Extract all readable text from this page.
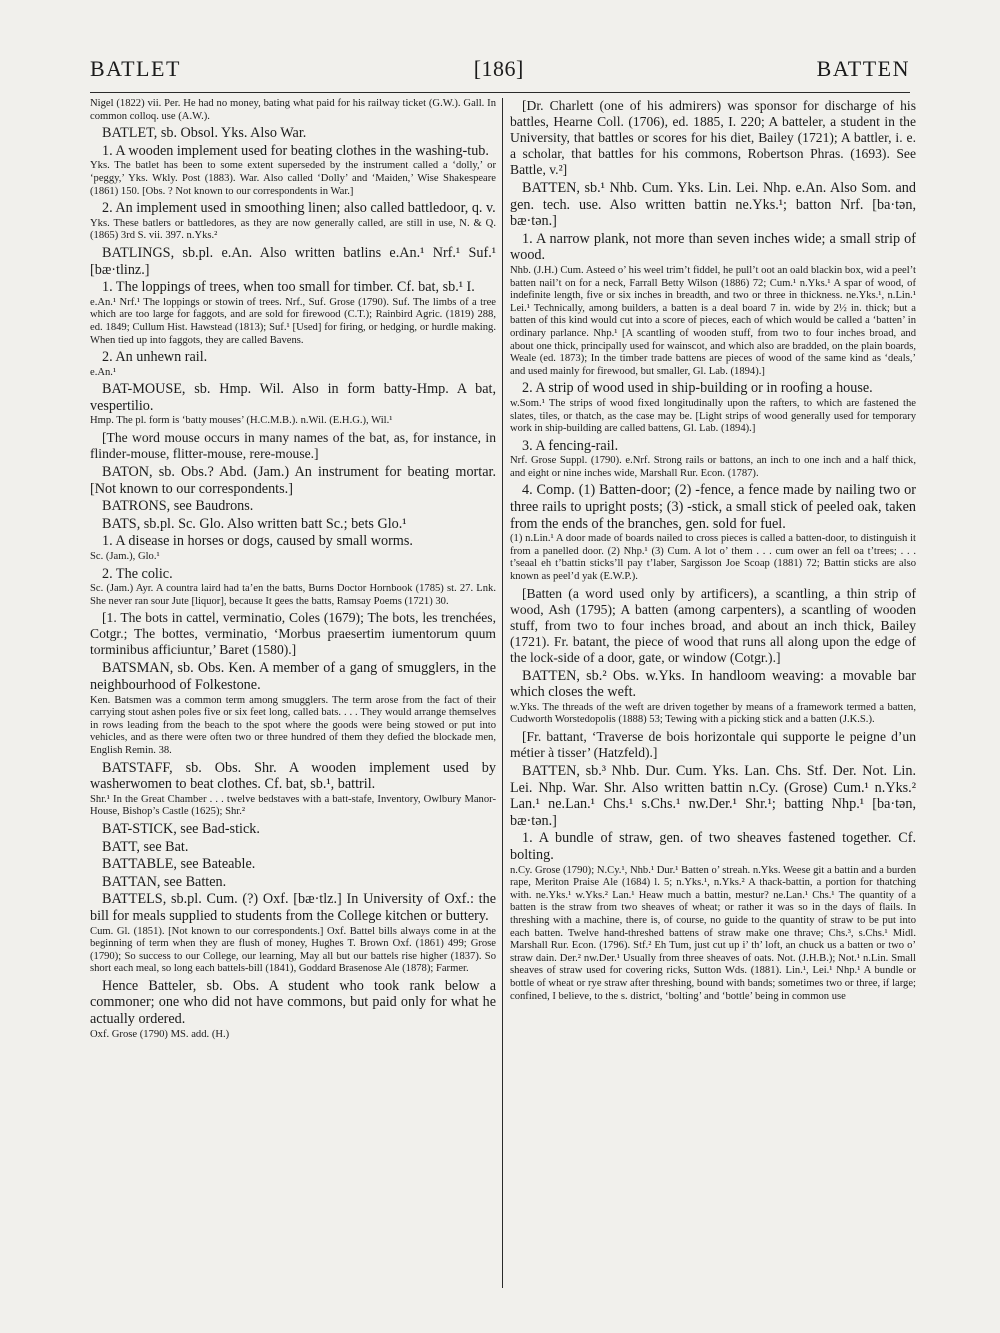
BATLET	[186]	BATTEN

Nigel (1822) vii. Per. He had no money, bating what paid for his railway ticket (G.W.). Gall. In common colloq. use (A.W.).

BATLET, sb. Obsol. Yks. Also War.

1. A wooden implement used for beating clothes in the washing-tub.

Yks. The batlet has been to some extent superseded by the instrument called a ‘dolly,’ or ‘peggy,’ Yks. Wkly. Post (1883). War. Also called ‘Dolly’ and ‘Maiden,’ Wise Shakespeare (1861) 150. [Obs. ? Not known to our correspondents in War.]

2. An implement used in smoothing linen; also called battledoor, q. v.

Yks. These batlers or battledores, as they are now generally called, are still in use, N. & Q. (1865) 3rd S. vii. 397. n.Yks.²

BATLINGS, sb.pl. e.An. Also written batlins e.An.¹ Nrf.¹ Suf.¹ [bæ·tlinz.]

1. The loppings of trees, when too small for timber. Cf. bat, sb.¹ I.

e.An.¹ Nrf.¹ The loppings or stowin of trees. Nrf., Suf. Grose (1790). Suf. The limbs of a tree which are too large for faggots, and are sold for firewood (C.T.); Rainbird Agric. (1819) 288, ed. 1849; Cullum Hist. Hawstead (1813); Suf.¹ [Used] for firing, or hedging, or hurdle making. When tied up into faggots, they are called Bavens.

2. An unhewn rail.

e.An.¹

BAT-MOUSE, sb. Hmp. Wil. Also in form batty-Hmp. A bat, vespertilio.

Hmp. The pl. form is ‘batty mouses’ (H.C.M.B.). n.Wil. (E.H.G.), Wil.¹

[The word mouse occurs in many names of the bat, as, for instance, in flinder-mouse, flitter-mouse, rere-mouse.]

BATON, sb. Obs.? Abd. (Jam.) An instrument for beating mortar. [Not known to our correspondents.]

BATRONS, see Baudrons.

BATS, sb.pl. Sc. Glo. Also written batt Sc.; bets Glo.¹

1. A disease in horses or dogs, caused by small worms.

Sc. (Jam.), Glo.¹

2. The colic.

Sc. (Jam.) Ayr. A countra laird had ta’en the batts, Burns Doctor Hornbook (1785) st. 27. Lnk. She never ran sour Jute [liquor], because It gees the batts, Ramsay Poems (1721) 30.

[1. The bots in cattel, verminatio, Coles (1679); The bots, les trenchées, Cotgr.; The bottes, verminatio, ‘Morbus praesertim iumentorum quum torminibus afficiuntur,’ Baret (1580).]

BATSMAN, sb. Obs. Ken. A member of a gang of smugglers, in the neighbourhood of Folkestone.

Ken. Batsmen was a common term among smugglers. The term arose from the fact of their carrying stout ashen poles five or six feet long, called bats. . . . They would arrange themselves in rows leading from the beach to the spot where the goods were being stowed or put into vehicles, and as there were often two or three hundred of them they defied the blockade men, English Remin. 38.

BATSTAFF, sb. Obs. Shr. A wooden implement used by washerwomen to beat clothes. Cf. bat, sb.¹, battril.

Shr.¹ In the Great Chamber . . . twelve bedstaves with a batt-stafe, Inventory, Owlbury Manor-House, Bishop’s Castle (1625); Shr.²

BAT-STICK, see Bad-stick.

BATT, see Bat.

BATTABLE, see Bateable.

BATTAN, see Batten.

BATTELS, sb.pl. Cum. (?) Oxf. [bæ·tlz.] In University of Oxf.: the bill for meals supplied to students from the College kitchen or buttery.

Cum. Gl. (1851). [Not known to our correspondents.] Oxf. Battel bills always come in at the beginning of term when they are flush of money, Hughes T. Brown Oxf. (1861) 499; Grose (1790); So success to our College, our learning, May all but our battels rise higher (1837). So short each meal, so long each battels-bill (1841), Goddard Brasenose Ale (1878); Farmer.

Hence Batteler, sb. Obs. A student who took rank below a commoner; one who did not have commons, but paid only for what he actually ordered.

Oxf. Grose (1790) MS. add. (H.)

[Dr. Charlett (one of his admirers) was sponsor for discharge of his battles, Hearne Coll. (1706), ed. 1885, I. 220; A batteler, a student in the University, that battles or scores for his diet, Bailey (1721); A battler, i. e. a scholar, that battles for his commons, Robertson Phras. (1693). See Battle, v.²]

BATTEN, sb.¹ Nhb. Cum. Yks. Lin. Lei. Nhp. e.An. Also Som. and gen. tech. use. Also written battin ne.Yks.¹; batton Nrf. [ba·tən, bæ·tən.]

1. A narrow plank, not more than seven inches wide; a small strip of wood.

Nhb. (J.H.) Cum. Asteed o’ his weel trim’t fiddel, he pull’t oot an oald blackin box, wid a peel’t batten nail’t on for a neck, Farrall Betty Wilson (1886) 72; Cum.¹ n.Yks.¹ A spar of wood, of indefinite length, five or six inches in breadth, and two or three in thickness. ne.Yks.¹, n.Lin.¹ Lei.¹ Technically, among builders, a batten is a deal board 7 in. wide by 2½ in. thick; but a batten of this kind would cut into a score of pieces, each of which would be called a ‘batten’ in ordinary parlance. Nhp.¹ [A scantling of wooden stuff, from two to four inches broad, and about one thick, principally used for wainscot, and which also are bradded, on the plain boards, Weale (ed. 1873); In the timber trade battens are pieces of wood of the same kind as ‘deals,’ and used mainly for firewood, but smaller, Gl. Lab. (1894).]

2. A strip of wood used in ship-building or in roofing a house.

w.Som.¹ The strips of wood fixed longitudinally upon the rafters, to which are fastened the slates, tiles, or thatch, as the case may be. [Light strips of wood generally used for temporary work in ship-building are called battens, Gl. Lab. (1894).]

3. A fencing-rail.

Nrf. Grose Suppl. (1790). e.Nrf. Strong rails or battons, an inch to one inch and a half thick, and eight or nine inches wide, Marshall Rur. Econ. (1787).

4. Comp. (1) Batten-door; (2) -fence, a fence made by nailing two or three rails to upright posts; (3) -stick, a small stick of peeled oak, taken from the ends of the branches, gen. sold for fuel.

(1) n.Lin.¹ A door made of boards nailed to cross pieces is called a batten-door, to distinguish it from a panelled door. (2) Nhp.¹ (3) Cum. A lot o’ them . . . cum ower an fell oa t’trees; . . . t’seaal eh t’battin sticks’ll pay t’laber, Sargisson Joe Scoap (1881) 72; Battin sticks are also known as peel’d yak (E.W.P.).

[Batten (a word used only by artificers), a scantling, a thin strip of wood, Ash (1795); A batten (among carpenters), a scantling of wooden stuff, from two to four inches broad, and about an inch thick, Bailey (1721). Fr. batant, the piece of wood that runs all along upon the edge of the lock-side of a door, gate, or window (Cotgr.).]

BATTEN, sb.² Obs. w.Yks. In handloom weaving: a movable bar which closes the weft.

w.Yks. The threads of the weft are driven together by means of a framework termed a batten, Cudworth Worstedopolis (1888) 53; Tewing with a picking stick and a batten (J.K.S.).

[Fr. battant, ‘Traverse de bois horizontale qui supporte le peigne d’un métier à tisser’ (Hatzfeld).]

BATTEN, sb.³ Nhb. Dur. Cum. Yks. Lan. Chs. Stf. Der. Not. Lin. Lei. Nhp. War. Shr. Also written battin n.Cy. (Grose) Cum.¹ n.Yks.² Lan.¹ ne.Lan.¹ Chs.¹ s.Chs.¹ nw.Der.¹ Shr.¹; batting Nhp.¹ [ba·tən, bæ·tən.]

1. A bundle of straw, gen. of two sheaves fastened together. Cf. bolting.

n.Cy. Grose (1790); N.Cy.¹, Nhb.¹ Dur.¹ Batten o’ streah. n.Yks. Weese git a battin and a burden rape, Meriton Praise Ale (1684) l. 5; n.Yks.¹, n.Yks.² A thack-battin, a portion for thatching with. ne.Yks.¹ w.Yks.² Lan.¹ Heaw much a battin, mestur? ne.Lan.¹ Chs.¹ The quantity of a batten is the straw from two sheaves of wheat; or rather it was so in the days of flails. In threshing with a machine, there is, of course, no guide to the quantity of straw to be put into each batten. Twelve hand-threshed battens of straw make one thrave; Chs.³, s.Chs.¹ Midl. Marshall Rur. Econ. (1796). Stf.² Eh Tum, just cut up i’ th’ loft, an chuck us a batten or two o’ straw dain. Der.² nw.Der.¹ Usually from three sheaves of oats. Not. (J.H.B.); Not.¹ n.Lin. Small sheaves of straw used for covering ricks, Sutton Wds. (1881). Lin.¹, Lei.¹ Nhp.¹ A bundle or bottle of wheat or rye straw after threshing, bound with bands; sometimes two or three, if large; confined, I believe, to the s. district, ‘bolting’ and ‘bottle’ being in common use
